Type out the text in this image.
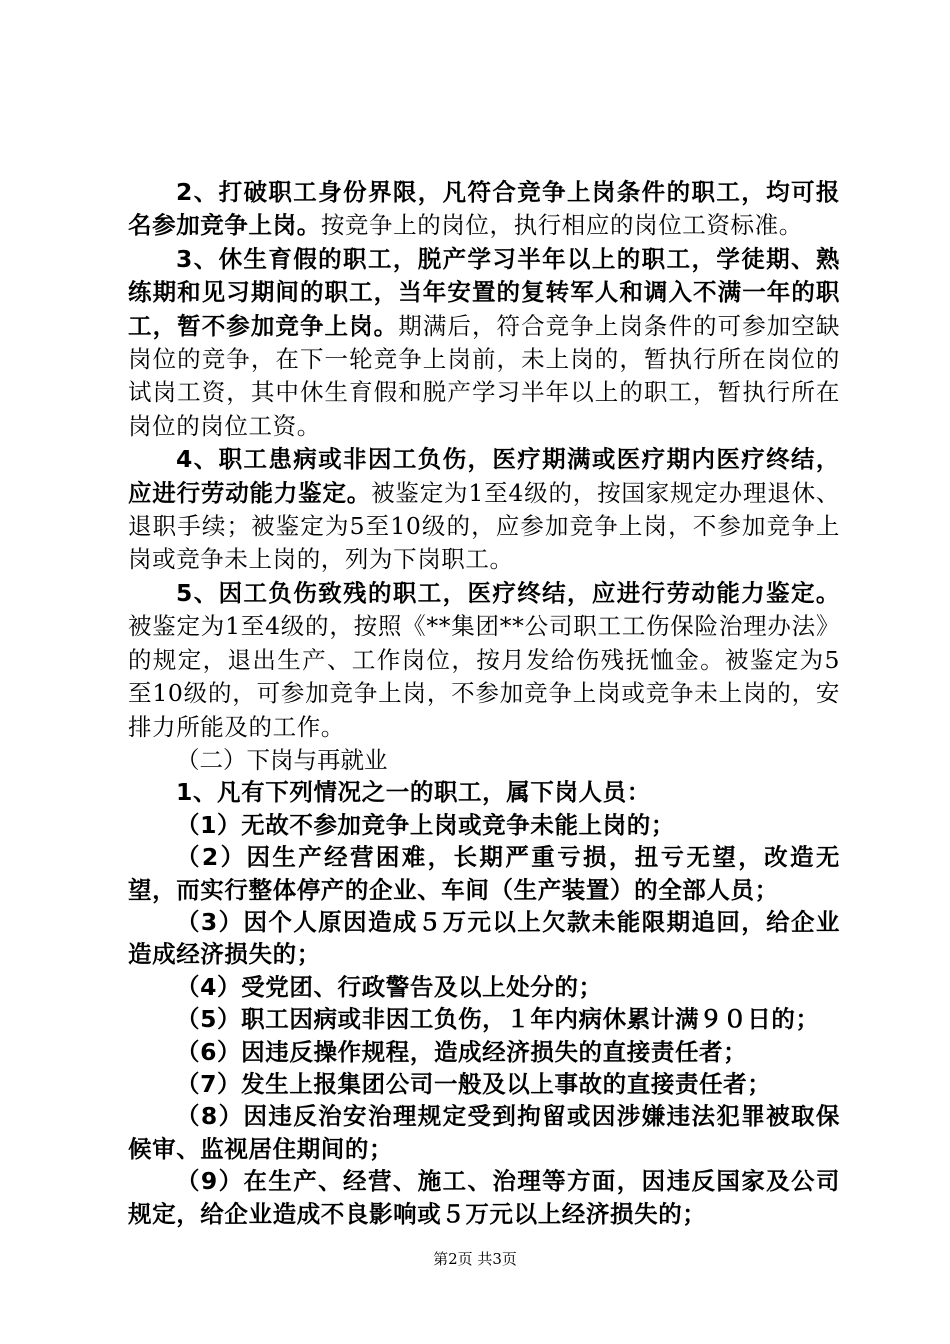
2、打破职工身份界限，凡符合竞争上岗条件的职工，均可报名参加竞争上岗。按竞争上的岗位，执行相应的岗位工资标准。

3、休生育假的职工，脱产学习半年以上的职工，学徒期、熟练期和见习期间的职工，当年安置的复转军人和调入不满一年的职工，暂不参加竞争上岗。期满后，符合竞争上岗条件的可参加空缺岗位的竞争，在下一轮竞争上岗前，未上岗的，暂执行所在岗位的试岗工资，其中休生育假和脱产学习半年以上的职工，暂执行所在岗位的岗位工资。

4、职工患病或非因工负伤，医疗期满或医疗期内医疗终结，应进行劳动能力鉴定。被鉴定为1至4级的，按国家规定办理退休、退职手续；被鉴定为5至10级的，应参加竞争上岗，不参加竞争上岗或竞争未上岗的，列为下岗职工。

5、因工负伤致残的职工，医疗终结，应进行劳动能力鉴定。被鉴定为1至4级的，按照《**集团**公司职工工伤保险治理办法》的规定，退出生产、工作岗位，按月发给伤残抚恤金。被鉴定为5至10级的，可参加竞争上岗，不参加竞争上岗或竞争未上岗的，安排力所能及的工作。

（二）下岗与再就业

1、凡有下列情况之一的职工，属下岗人员：

（1）无故不参加竞争上岗或竞争未能上岗的；

（2）因生产经营困难，长期严重亏损，扭亏无望，改造无望，而实行整体停产的企业、车间（生产装置）的全部人员；

（3）因个人原因造成５万元以上欠款未能限期追回，给企业造成经济损失的；

（4）受党团、行政警告及以上处分的；

（5）职工因病或非因工负伤，１年内病休累计满９０日的；

（6）因违反操作规程，造成经济损失的直接责任者；

（7）发生上报集团公司一般及以上事故的直接责任者；

（8）因违反治安治理规定受到拘留或因涉嫌违法犯罪被取保候审、监视居住期间的；

（9）在生产、经营、施工、治理等方面，因违反国家及公司规定，给企业造成不良影响或５万元以上经济损失的；

第2页 共3页
